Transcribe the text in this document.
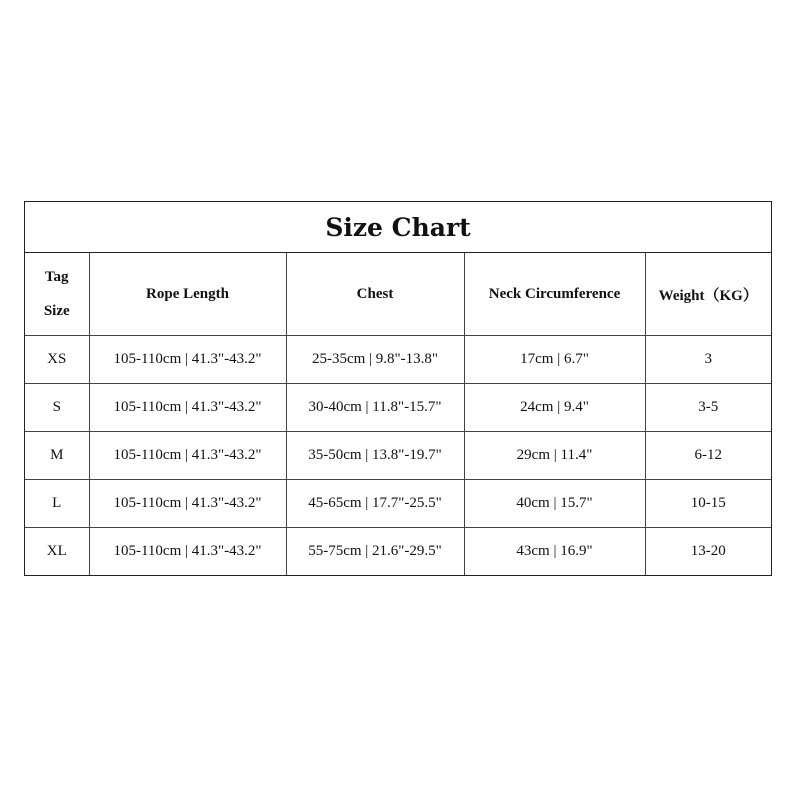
Size Chart
Tag
Size	Rope Length	Chest	Neck Circumference	Weight（KG）
XS	105-110cm | 41.3"-43.2"	25-35cm | 9.8"-13.8"	17cm | 6.7"	3
S	105-110cm | 41.3"-43.2"	30-40cm | 11.8"-15.7"	24cm | 9.4"	3-5
M	105-110cm | 41.3"-43.2"	35-50cm | 13.8"-19.7"	29cm | 11.4"	6-12
L	105-110cm | 41.3"-43.2"	45-65cm | 17.7"-25.5"	40cm | 15.7"	10-15
XL	105-110cm | 41.3"-43.2"	55-75cm | 21.6"-29.5"	43cm | 16.9"	13-20
